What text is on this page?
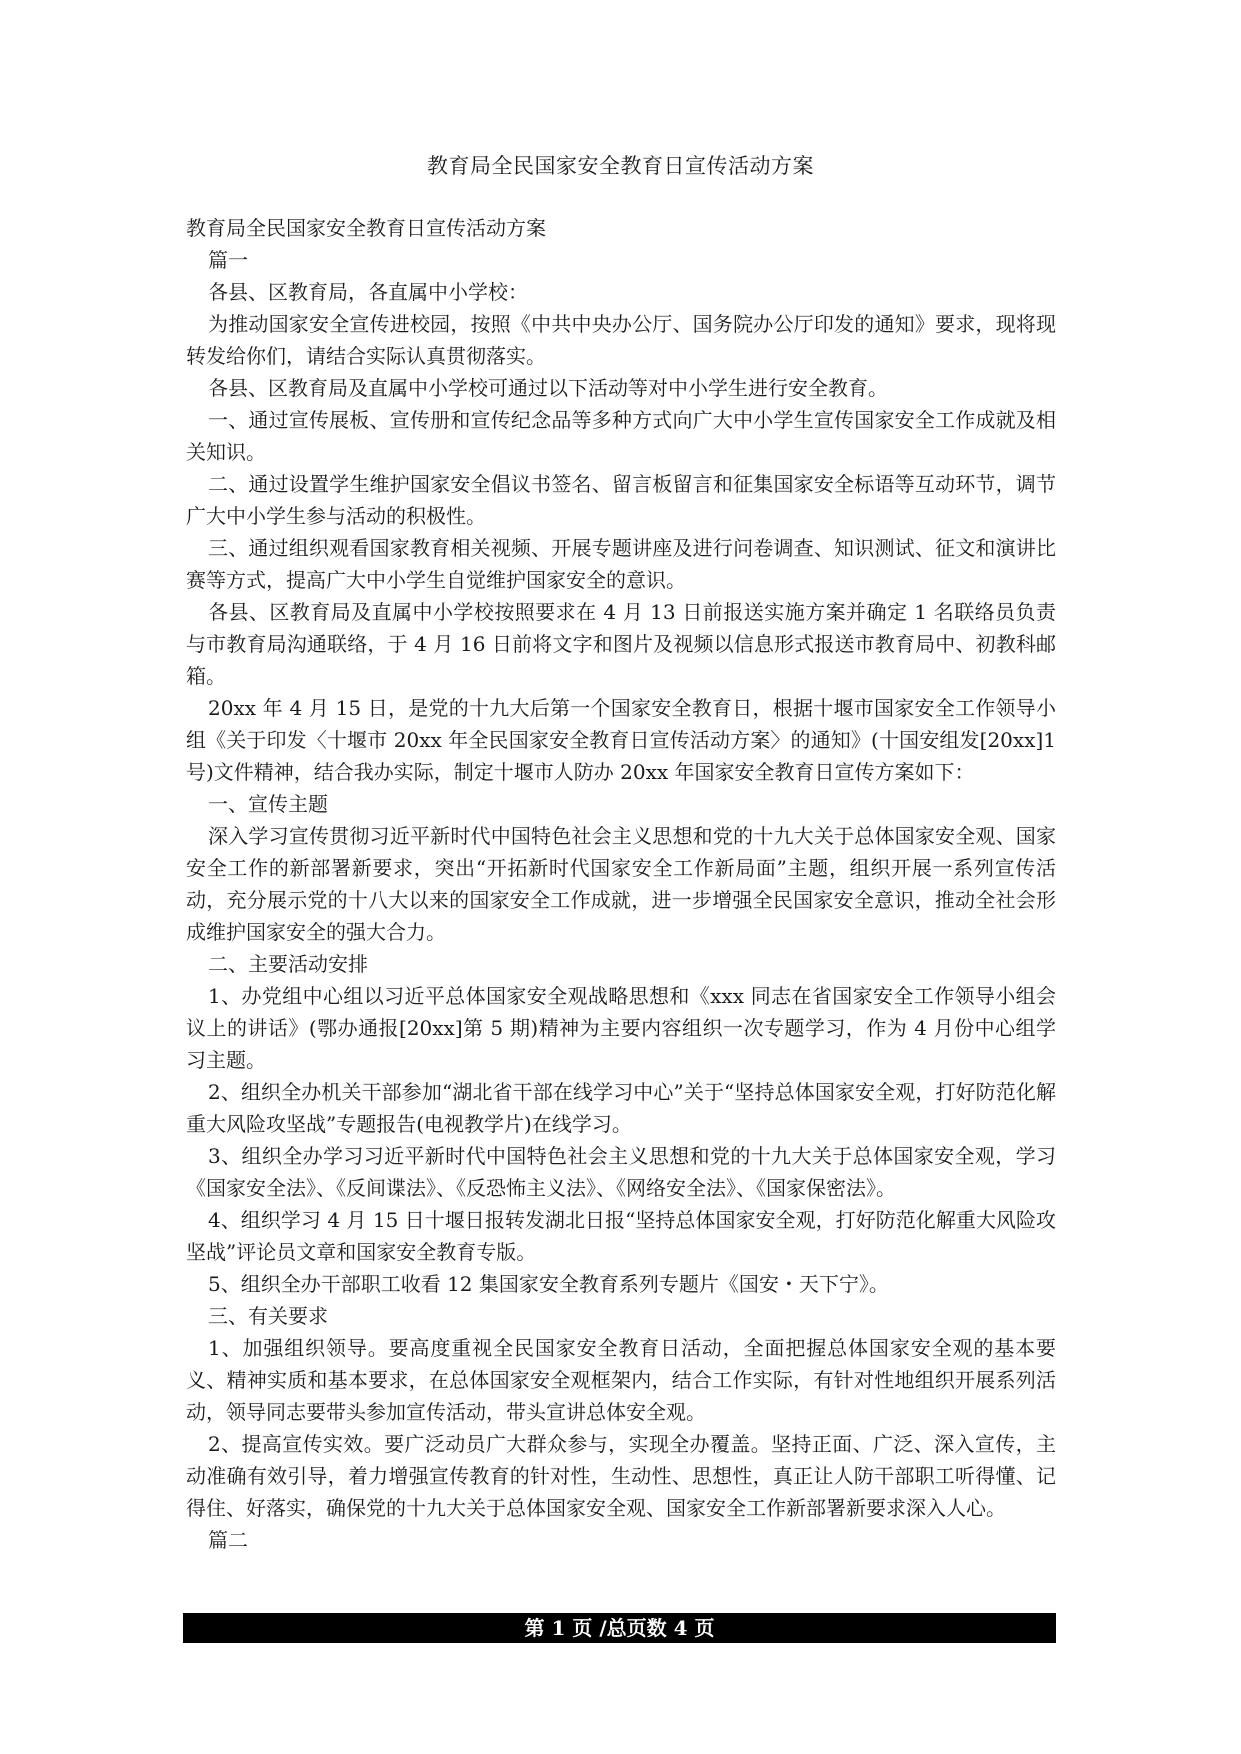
教育局全民国家安全教育日宣传活动方案

教育局全民国家安全教育日宣传活动方案

篇一

各县、区教育局，各直属中小学校：

为推动国家安全宣传进校园，按照《中共中央办公厅、国务院办公厅印发的通知》要求，现将现转发给你们，请结合实际认真贯彻落实。

各县、区教育局及直属中小学校可通过以下活动等对中小学生进行安全教育。

一、通过宣传展板、宣传册和宣传纪念品等多种方式向广大中小学生宣传国家安全工作成就及相关知识。

二、通过设置学生维护国家安全倡议书签名、留言板留言和征集国家安全标语等互动环节，调节广大中小学生参与活动的积极性。

三、通过组织观看国家教育相关视频、开展专题讲座及进行问卷调查、知识测试、征文和演讲比赛等方式，提高广大中小学生自觉维护国家安全的意识。

各县、区教育局及直属中小学校按照要求在 4 月 13 日前报送实施方案并确定 1 名联络员负责与市教育局沟通联络，于 4 月 16 日前将文字和图片及视频以信息形式报送市教育局中、初教科邮箱。

20xx 年 4 月 15 日，是党的十九大后第一个国家安全教育日，根据十堰市国家安全工作领导小组《关于印发〈十堰市 20xx 年全民国家安全教育日宣传活动方案〉的通知》(十国安组发[20xx]1 号)文件精神，结合我办实际，制定十堰市人防办 20xx 年国家安全教育日宣传方案如下：

一、宣传主题

深入学习宣传贯彻习近平新时代中国特色社会主义思想和党的十九大关于总体国家安全观、国家安全工作的新部署新要求，突出“开拓新时代国家安全工作新局面”主题，组织开展一系列宣传活动，充分展示党的十八大以来的国家安全工作成就，进一步增强全民国家安全意识，推动全社会形成维护国家安全的强大合力。

二、主要活动安排

1、办党组中心组以习近平总体国家安全观战略思想和《xxx 同志在省国家安全工作领导小组会议上的讲话》(鄂办通报[20xx]第 5 期)精神为主要内容组织一次专题学习，作为 4 月份中心组学习主题。

2、组织全办机关干部参加“湖北省干部在线学习中心”关于“坚持总体国家安全观，打好防范化解重大风险攻坚战”专题报告(电视教学片)在线学习。

3、组织全办学习习近平新时代中国特色社会主义思想和党的十九大关于总体国家安全观，学习《国家安全法》、《反间谍法》、《反恐怖主义法》、《网络安全法》、《国家保密法》。

4、组织学习 4 月 15 日十堰日报转发湖北日报“坚持总体国家安全观，打好防范化解重大风险攻坚战”评论员文章和国家安全教育专版。

5、组织全办干部职工收看 12 集国家安全教育系列专题片《国安・天下宁》。

三、有关要求

1、加强组织领导。要高度重视全民国家安全教育日活动，全面把握总体国家安全观的基本要义、精神实质和基本要求，在总体国家安全观框架内，结合工作实际，有针对性地组织开展系列活动，领导同志要带头参加宣传活动，带头宣讲总体安全观。

2、提高宣传实效。要广泛动员广大群众参与，实现全办覆盖。坚持正面、广泛、深入宣传，主动准确有效引导，着力增强宣传教育的针对性，生动性、思想性，真正让人防干部职工听得懂、记得住、好落实，确保党的十九大关于总体国家安全观、国家安全工作新部署新要求深入人心。

篇二

第 1 页 /总页数 4 页
